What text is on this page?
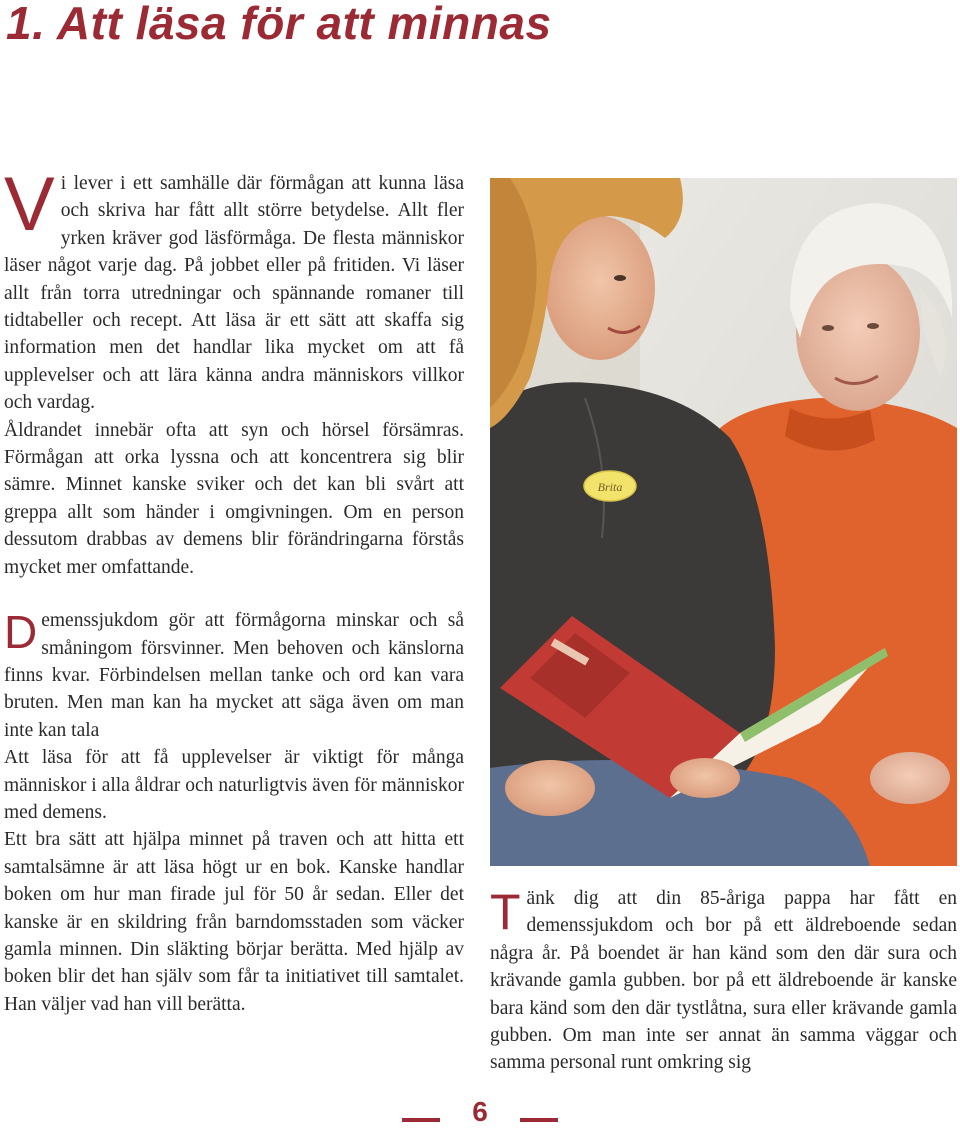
1. Att läsa för att minnas

Vi lever i ett samhälle där förmågan att kunna läsa och skriva har fått allt större betydelse. Allt fler yrken kräver god läsförmåga. De flesta människor läser något varje dag. På jobbet eller på fritiden. Vi läser allt från torra utredningar och spännande romaner till tidtabeller och recept. Att läsa är ett sätt att skaffa sig information men det handlar lika mycket om att få upplevelser och att lära känna andra människors villkor och vardag.

Åldrandet innebär ofta att syn och hörsel försämras. Förmågan att orka lyssna och att koncentrera sig blir sämre. Minnet kanske sviker och det kan bli svårt att greppa allt som händer i omgivningen. Om en person dessutom drabbas av demens blir förändringarna förstås mycket mer omfattande.

Demenssjukdom gör att förmågorna minskar och så småningom försvinner. Men behoven och känslorna finns kvar. Förbindelsen mellan tanke och ord kan vara bruten. Men man kan ha mycket att säga även om man inte kan tala

Att läsa för att få upplevelser är viktigt för många människor i alla åldrar och naturligtvis även för människor med demens.

Ett bra sätt att hjälpa minnet på traven och att hitta ett samtalsämne är att läsa högt ur en bok. Kanske handlar boken om hur man firade jul för 50 år sedan. Eller det kanske är en skildring från barndomsstaden som väcker gamla minnen. Din släkting börjar berätta. Med hjälp av boken blir det han själv som får ta initiativet till samtalet. Han väljer vad han vill berätta.

Brita

Tänk dig att din 85-åriga pappa har fått en demenssjukdom och bor på ett äldreboende sedan några år. På boendet är han känd som den där sura och krävande gamla gubben. bor på ett äldreboende är kanske bara känd som den där tystlåtna, sura eller krävande gamla gubben. Om man inte ser annat än samma väggar och samma personal runt omkring sig

6
